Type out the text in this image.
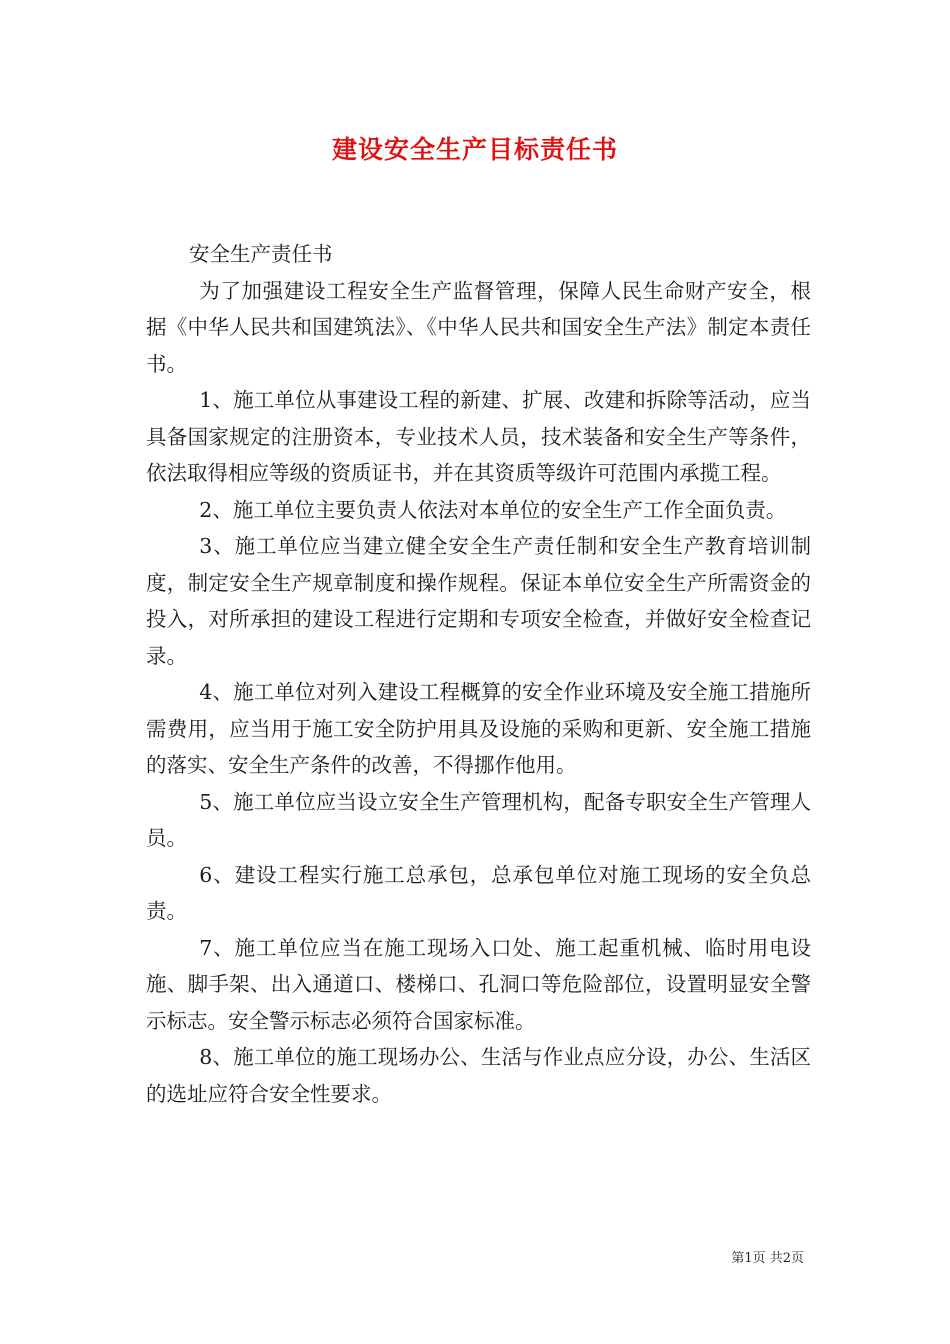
建设安全生产目标责任书

安全生产责任书

为了加强建设工程安全生产监督管理，保障人民生命财产安全，根据《中华人民共和国建筑法》、《中华人民共和国安全生产法》制定本责任书。

1、施工单位从事建设工程的新建、扩展、改建和拆除等活动，应当具备国家规定的注册资本，专业技术人员，技术装备和安全生产等条件，依法取得相应等级的资质证书，并在其资质等级许可范围内承揽工程。

2、施工单位主要负责人依法对本单位的安全生产工作全面负责。

3、施工单位应当建立健全安全生产责任制和安全生产教育培训制度，制定安全生产规章制度和操作规程。保证本单位安全生产所需资金的投入，对所承担的建设工程进行定期和专项安全检查，并做好安全检查记录。

4、施工单位对列入建设工程概算的安全作业环境及安全施工措施所需费用，应当用于施工安全防护用具及设施的采购和更新、安全施工措施的落实、安全生产条件的改善，不得挪作他用。

5、施工单位应当设立安全生产管理机构，配备专职安全生产管理人员。

6、建设工程实行施工总承包，总承包单位对施工现场的安全负总责。

7、施工单位应当在施工现场入口处、施工起重机械、临时用电设施、脚手架、出入通道口、楼梯口、孔洞口等危险部位，设置明显安全警示标志。安全警示标志必须符合国家标准。

8、施工单位的施工现场办公、生活与作业点应分设，办公、生活区的选址应符合安全性要求。

第1页 共2页
